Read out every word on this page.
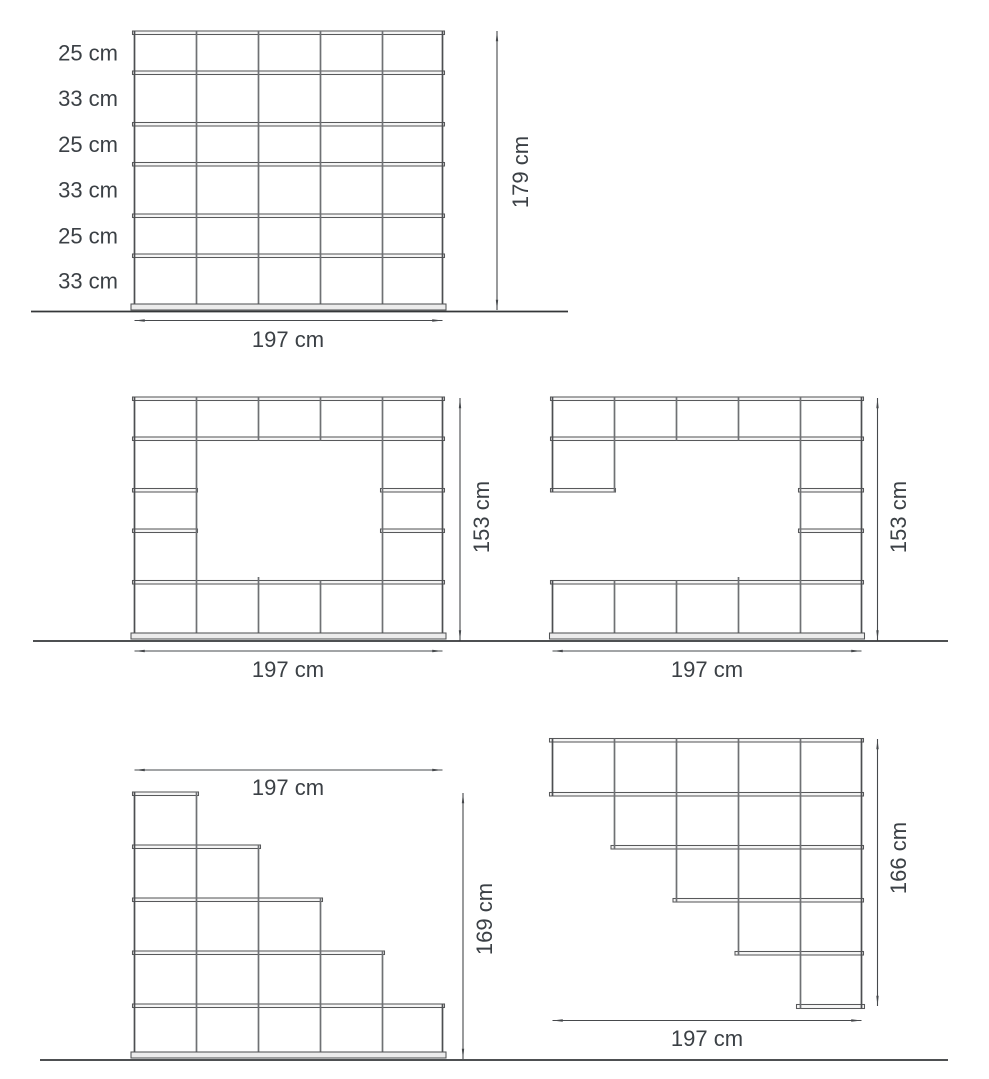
25 cm
33 cm
25 cm
33 cm
25 cm
33 cm
179 cm
197 cm
153 cm
197 cm
153 cm
197 cm
197 cm
169 cm
166 cm
197 cm
